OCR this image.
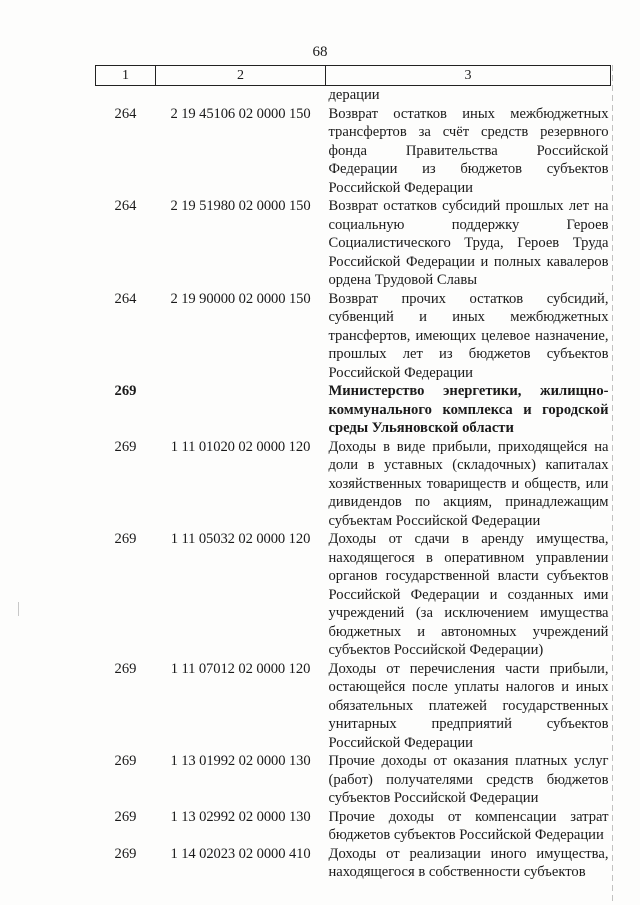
68
1	2	3
		дерации
264	2 19 45106 02 0000 150	Возврат остатков иных межбюджетных трансфертов за счёт средств резервного фонда Правительства Российской Федерации из бюджетов субъектов Российской Федерации
264	2 19 51980 02 0000 150	Возврат остатков субсидий прошлых лет на социальную поддержку Героев Социалистического Труда, Героев Труда Российской Федерации и полных кавалеров ордена Трудовой Славы
264	2 19 90000 02 0000 150	Возврат прочих остатков субсидий, субвенций и иных межбюджетных трансфертов, имеющих целевое назначение, прошлых лет из бюджетов субъектов Российской Федерации
269		Министерство энергетики, жилищно-коммунального комплекса и городской среды Ульяновской области
269	1 11 01020 02 0000 120	Доходы в виде прибыли, приходящейся на доли в уставных (складочных) капиталах хозяйственных товариществ и обществ, или дивидендов по акциям, принадлежащим субъектам Российской Федерации
269	1 11 05032 02 0000 120	Доходы от сдачи в аренду имущества, находящегося в оперативном управлении органов государственной власти субъектов Российской Федерации и созданных ими учреждений (за исключением имущества бюджетных и автономных учреждений субъектов Российской Федерации)
269	1 11 07012 02 0000 120	Доходы от перечисления части прибыли, остающейся после уплаты налогов и иных обязательных платежей государственных унитарных предприятий субъектов Российской Федерации
269	1 13 01992 02 0000 130	Прочие доходы от оказания платных услуг (работ) получателями средств бюджетов субъектов Российской Федерации
269	1 13 02992 02 0000 130	Прочие доходы от компенсации затрат бюджетов субъектов Российской Федерации
269	1 14 02023 02 0000 410	Доходы от реализации иного имущества, находящегося в собственности субъектов
